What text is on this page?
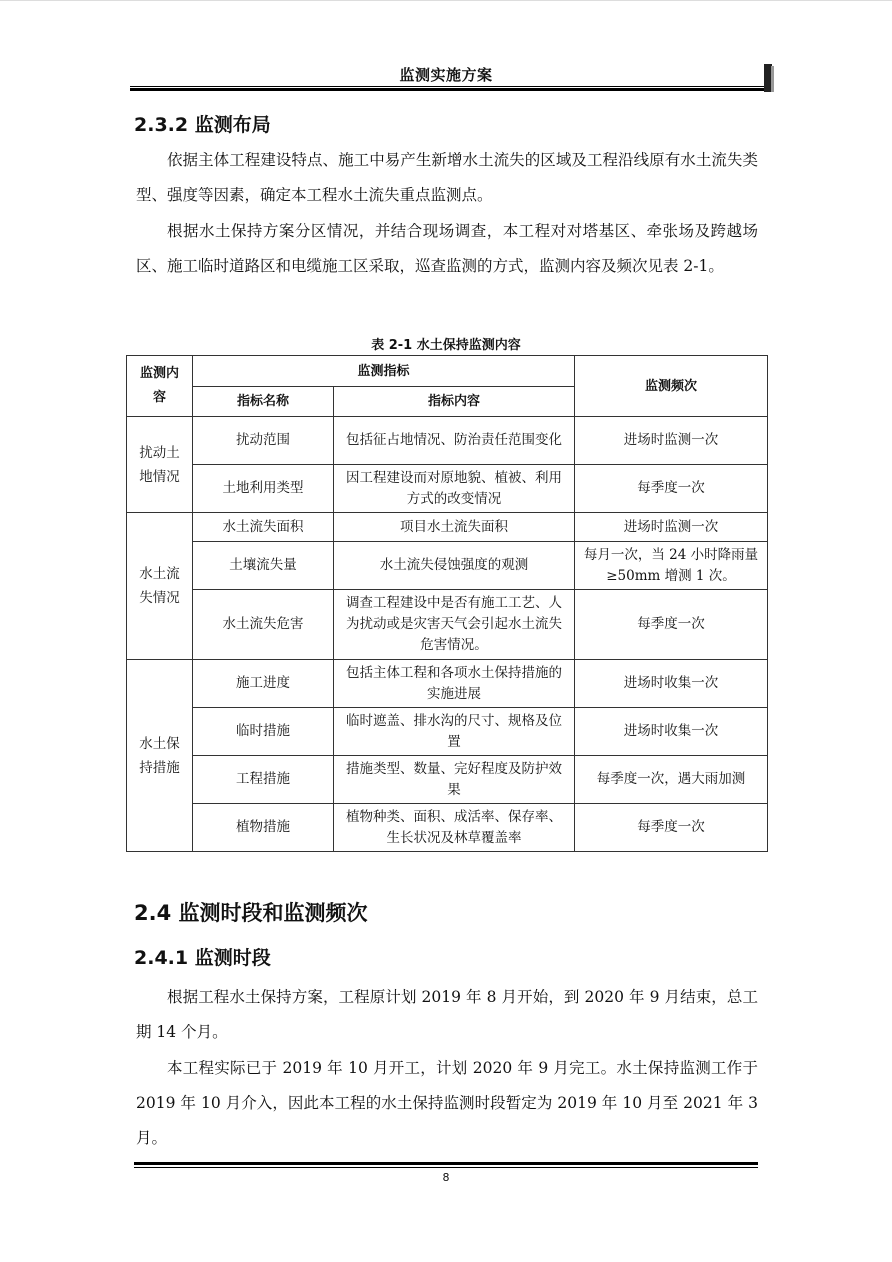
监测实施方案
2.3.2 监测布局

依据主体工程建设特点、施工中易产生新增水土流失的区域及工程沿线原有水土流失类型、强度等因素，确定本工程水土流失重点监测点。

根据水土保持方案分区情况，并结合现场调查，本工程对对塔基区、牵张场及跨越场区、施工临时道路区和电缆施工区采取，巡查监测的方式，监测内容及频次见表 2-1。

表 2-1 水土保持监测内容
监测内容	监测指标		监测频次
	指标名称	指标内容	
扰动土地情况	扰动范围	包括征占地情况、防治责任范围变化	进场时监测一次
	土地利用类型	因工程建设而对原地貌、植被、利用方式的改变情况	每季度一次
水土流失情况	水土流失面积	项目水土流失面积	进场时监测一次
	土壤流失量	水土流失侵蚀强度的观测	每月一次，当 24 小时降雨量≥50mm 增测 1 次。
	水土流失危害	调查工程建设中是否有施工工艺、人为扰动或是灾害天气会引起水土流失危害情况。	每季度一次
水土保持措施	施工进度	包括主体工程和各项水土保持措施的实施进展	进场时收集一次
	临时措施	临时遮盖、排水沟的尺寸、规格及位置	进场时收集一次
	工程措施	措施类型、数量、完好程度及防护效果	每季度一次，遇大雨加测
	植物措施	植物种类、面积、成活率、保存率、生长状况及林草覆盖率	每季度一次
2.4 监测时段和监测频次
2.4.1 监测时段

根据工程水土保持方案，工程原计划 2019 年 8 月开始，到 2020 年 9 月结束，总工期 14 个月。

本工程实际已于 2019 年 10 月开工，计划 2020 年 9 月完工。水土保持监测工作于 2019 年 10 月介入，因此本工程的水土保持监测时段暂定为 2019 年 10 月至 2021 年 3 月。

8
